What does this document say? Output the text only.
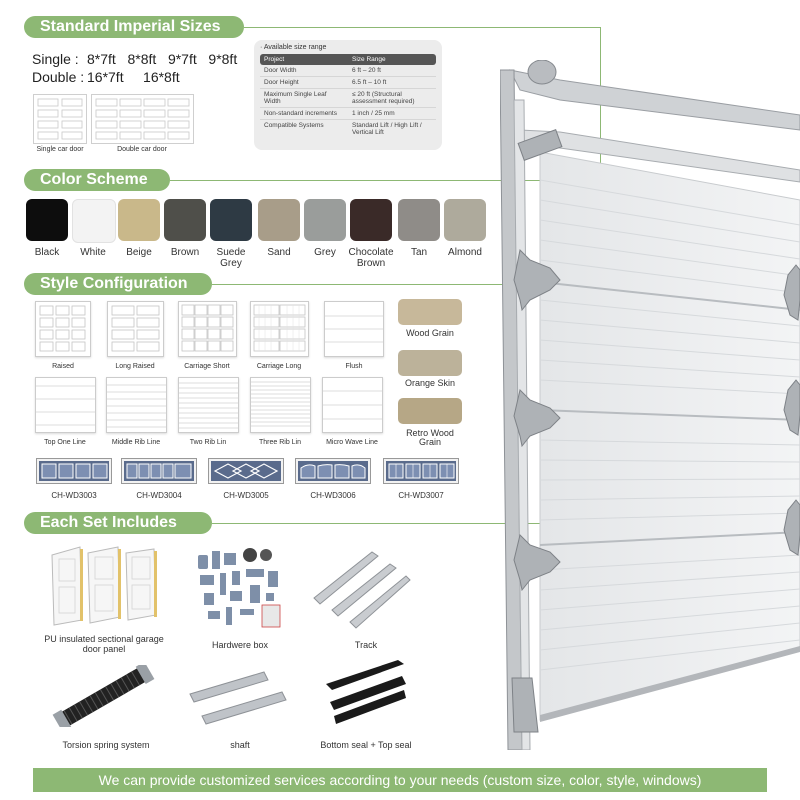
Standard Imperial Sizes
Color Scheme
Style Configuration
Each Set Includes
Single : 8*7ft   8*8ft   9*7ft   9*8ft
Double : 16*7ft     16*8ft
Single car door	Double car door
· Available size range
Project	Size Range
Door Width	6 ft – 20 ft
Door Height	6.5 ft – 10 ft
Maximum Single Leaf Width	≤ 20 ft (Structural assessment required)
Non-standard increments	1 inch / 25 mm
Compatible Systems	Standard Lift / High Lift / Vertical Lift
Black	White	Beige	Brown	Suede
Grey
Sand	Grey	Chocolate
Brown
Tan	Almond
Raised	Long Raised	Carriage Short	Carriage Long	Flush
Top One Line	Middle Rib Line	Two Rib Lin	Three Rib Lin	Micro Wave Line
Wood Grain
Orange Skin
Retro Wood Grain
CH-WD3003	CH-WD3004	CH-WD3005	CH-WD3006	CH-WD3007
PU insulated sectional garage door panel	Hardwere box	Track
Torsion spring system	shaft	Bottom seal + Top seal
We can provide customized services according to your needs (custom size, color, style, windows)
